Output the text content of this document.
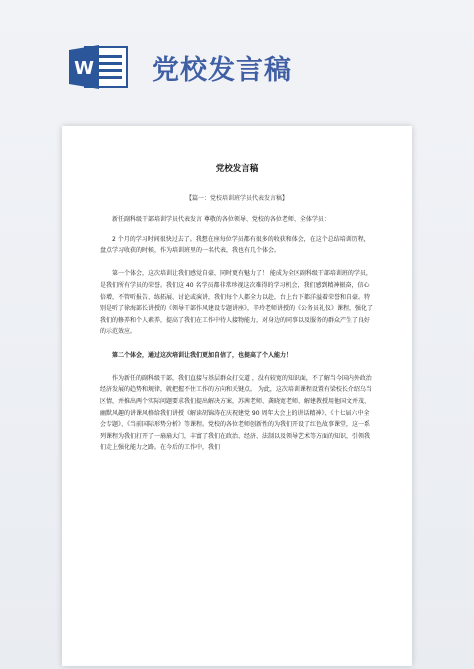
W 党校发言稿
党校发言稿
【篇一：党校培训班学员代表发言稿】

新任副科级干部培训学员代表发言 尊敬的各位领导、党校的各位老师、全体学员：

2 个月的学习时间很快过去了。我想在座每位学员都有很多的收获和体会，在这个总结培训历程，盘点学习收获的时候，作为培训班里的一名代表，我也有几个体会。

第一个体会，这次培训让我们感觉自豪，同时更有魅力了！ 能成为全区副科级干部培训班的学员，是我们所有学员的荣誉。我们这 40 名学员都非常珍视这次难得的学习机会，我们感到精神振奋，信心倍增，不管听报告、练拓展、讨论或演讲，我们每个人都全力以赴，台上台下都洋溢着荣誉和自豪。特别是听了徐海部长讲授的《领导干部作风建设专题讲座》，辛玲老师讲授的《公务员礼仪》课程，强化了我们的修养和个人素养，提高了我们在工作中待人接物能力，对身边的同事以及服务的群众产生了良好的示范效应。

第二个体会，通过这次培训让我们更加自信了，也提高了个人能力！

作为新任的副科级干部，我们直接与基层群众打交道 ，没有较宽的知识面，不了解当今国内外政治经济发展的趋势和规律，就把握不住工作的方向和关键点。 为此，这次培训课程设置有梁校长介绍乌当区情，并推出两个实际问题要求我们提出解决方案，苏茜老师、龚晓宽老师、解建教授用他国文并茂、幽默风趣的讲课风格给我们讲授《解读胡锦涛在庆祝建党 90 周年大会上的讲话精神》、《十七届六中全会专题》、《当前国际形势分析》等课程。党校的各位老师创新性的为我们开设了红色故事课堂，这一系列课程为我们打开了一扇扇大门，丰富了我们在政治、经济、法制以及领导艺术等方面的知识，引领我们走上强化能力之路。在今后的工作中，我们
